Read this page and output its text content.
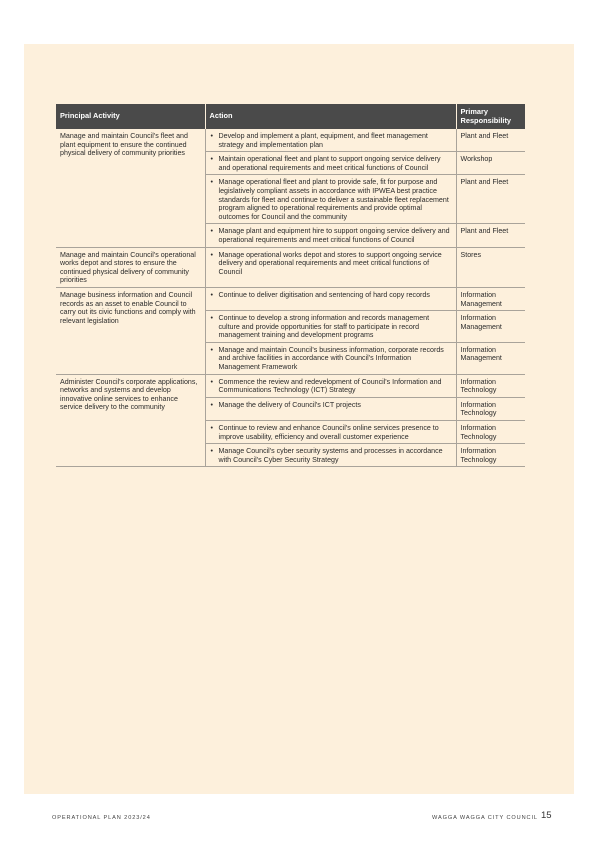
Principal Activity	Action	Primary Responsibility
Manage and maintain Council's fleet and plant equipment to ensure the continued physical delivery of community priorities	• Develop and implement a plant, equipment, and fleet management strategy and implementation plan	Plant and Fleet

	• Maintain operational fleet and plant to support ongoing service delivery and operational requirements and meet critical functions of Council	Workshop

	• Manage operational fleet and plant to provide safe, fit for purpose and legislatively compliant assets in accordance with IPWEA best practice standards for fleet and continue to deliver a sustainable fleet replacement program aligned to operational requirements and provide optimal outcomes for Council and the community	Plant and Fleet

	• Manage plant and equipment hire to support ongoing service delivery and operational requirements and meet critical functions of Council	Plant and Fleet
Manage and maintain Council's operational works depot and stores to ensure the continued physical delivery of community priorities	• Manage operational works depot and stores to support ongoing service delivery and operational requirements and meet critical functions of Council	Stores
Manage business information and Council records as an asset to enable Council to carry out its civic functions and comply with relevant legislation	• Continue to deliver digitisation and sentencing of hard copy records	Information Management

	• Continue to develop a strong information and records management culture and provide opportunities for staff to participate in record management training and development programs	Information Management

	• Manage and maintain Council's business information, corporate records and archive facilities in accordance with Council's Information Management Framework	Information Management
Administer Council's corporate applications, networks and systems and develop innovative online services to enhance service delivery to the community	• Commence the review and redevelopment of Council's Information and Communications Technology (ICT) Strategy	Information Technology

	• Manage the delivery of Council's ICT projects	Information Technology

	• Continue to review and enhance Council's online services presence to improve usability, efficiency and overall customer experience	Information Technology

	• Manage Council's cyber security systems and processes in accordance with Council's Cyber Security Strategy	Information Technology
OPERATIONAL PLAN 2023/24	WAGGA WAGGA CITY COUNCIL 15
